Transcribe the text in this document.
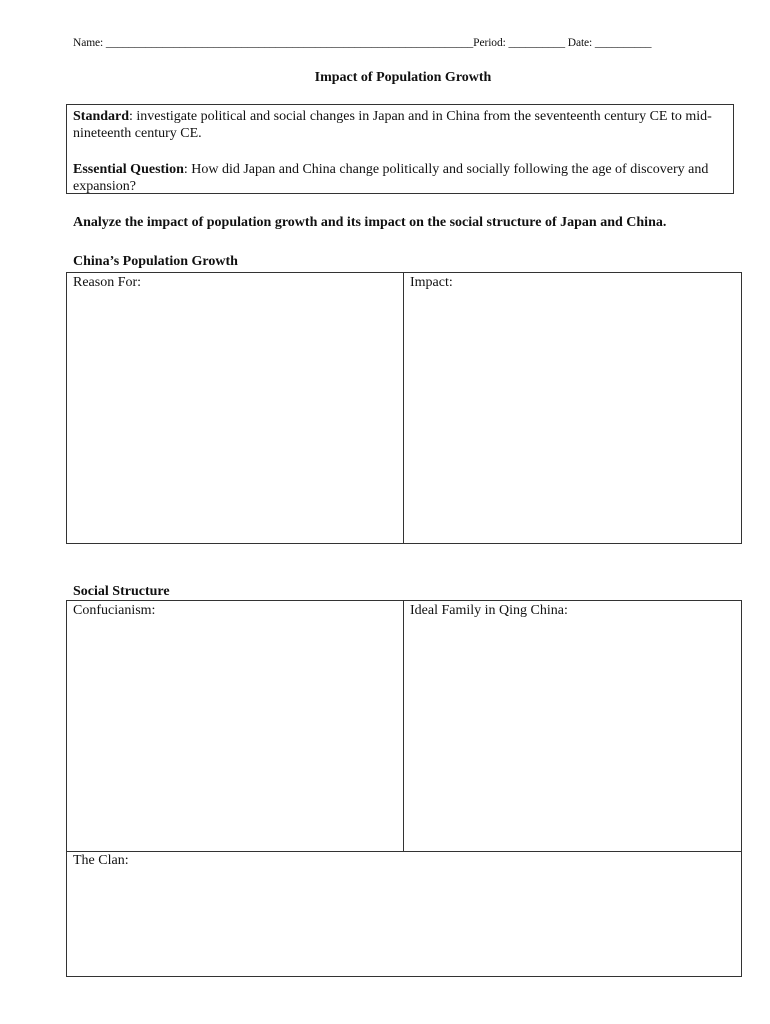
Name: _________________________________________________________________Period: __________ Date: __________
Impact of Population Growth

Standard: investigate political and social changes in Japan and in China from the seventeenth century CE to mid-nineteenth century CE.

Essential Question: How did Japan and China change politically and socially following the age of discovery and expansion?

Analyze the impact of population growth and its impact on the social structure of Japan and China.
China’s Population Growth
Reason For:	Impact:
Social Structure
Confucianism:	Ideal Family in Qing China:
The Clan:
